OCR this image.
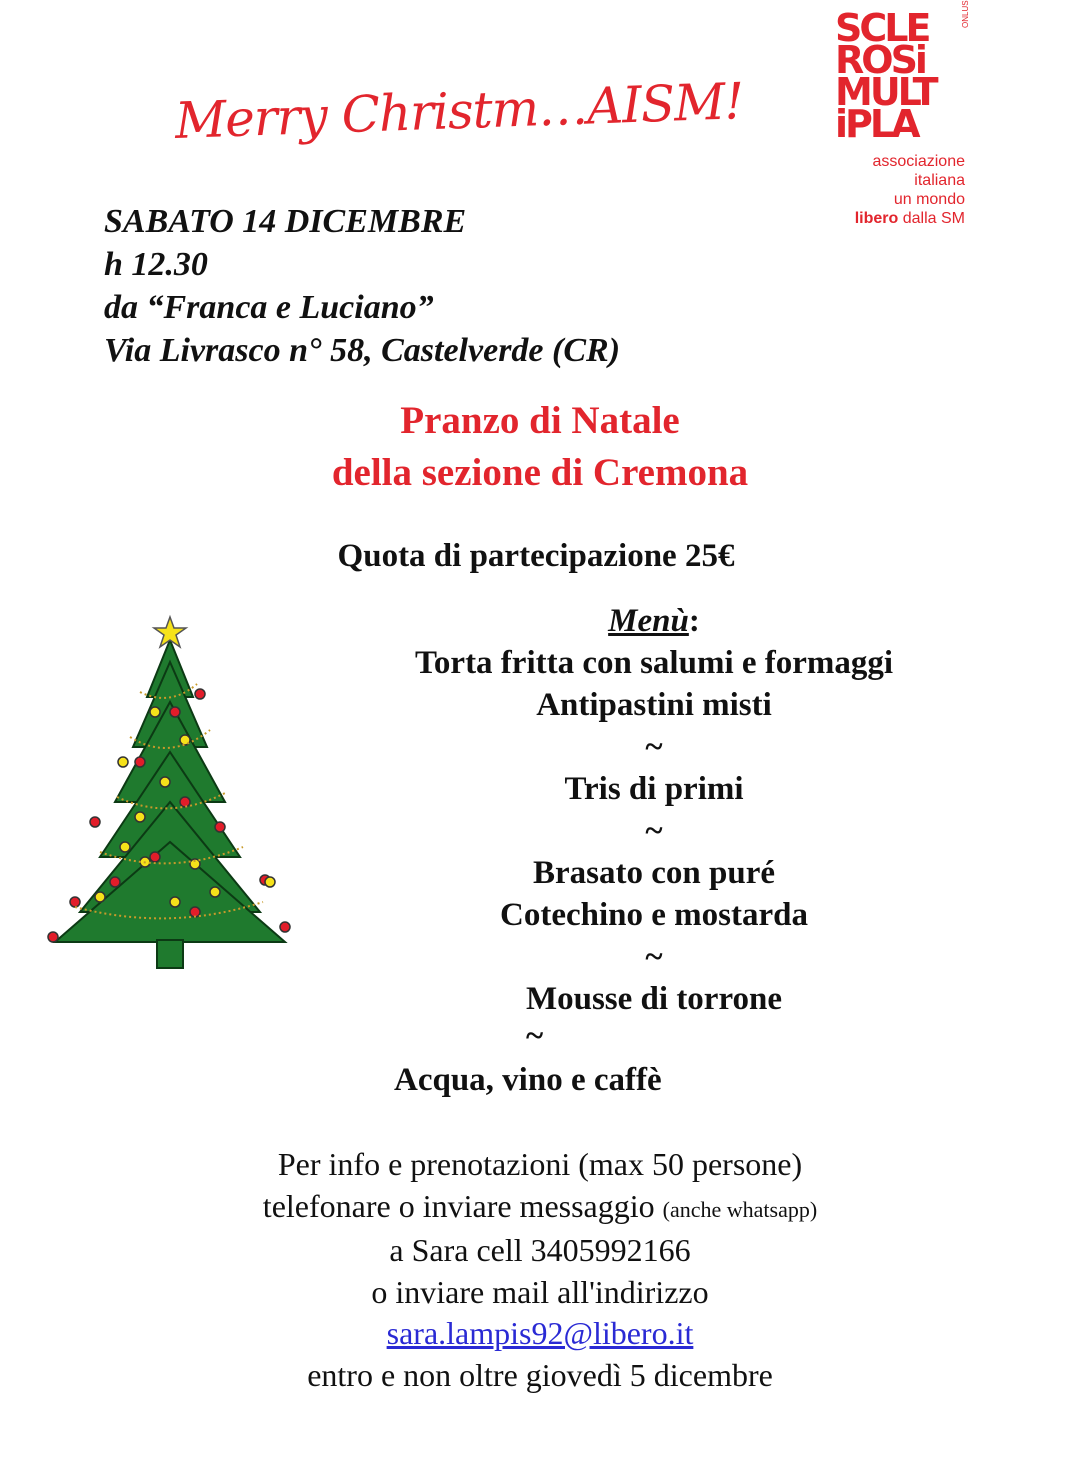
Merry Christm…AISM!
SCLE
ROSi
MULT
iPLA
ONLUS
associazione
italiana
un mondo
libero dalla SM
SABATO 14 DICEMBRE
h 12.30
da “Franca e Luciano”
Via Livrasco n° 58, Castelverde (CR)
Pranzo di Natale
della sezione di Cremona
Quota di partecipazione 25€
Menù:
Torta fritta con salumi e formaggi
Antipastini misti
~
Tris di primi
~
Brasato con puré
Cotechino e mostarda
~
Mousse di torrone
~
Acqua, vino e caffè
Per info e prenotazioni (max 50 persone)
telefonare o inviare messaggio (anche whatsapp)
a Sara cell 3405992166
o inviare mail all'indirizzo
sara.lampis92@libero.it
entro e non oltre giovedì 5 dicembre
